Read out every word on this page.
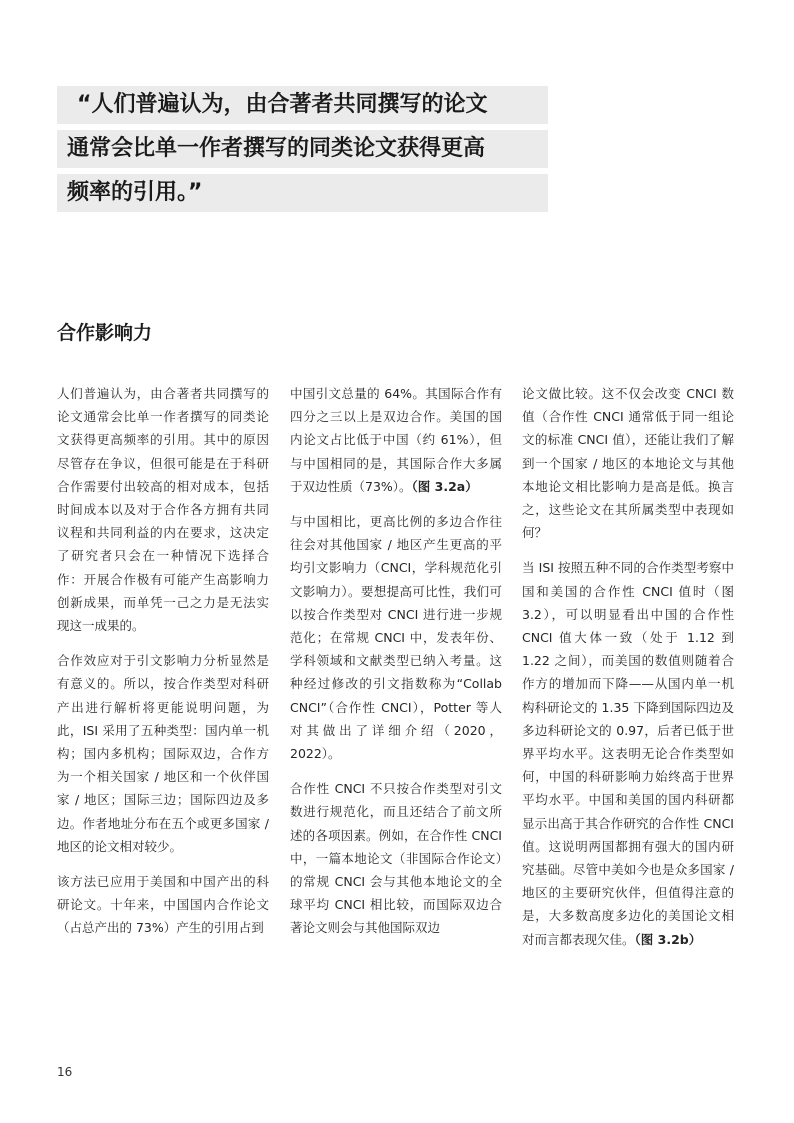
“人们普遍认为，由合著者共同撰写的论文
通常会比单一作者撰写的同类论文获得更高
频率的引用。”
合作影响力

人们普遍认为，由合著者共同撰写的论文通常会比单一作者撰写的同类论文获得更高频率的引用。其中的原因尽管存在争议，但很可能是在于科研合作需要付出较高的相对成本，包括时间成本以及对于合作各方拥有共同议程和共同利益的内在要求，这决定了研究者只会在一种情况下选择合作：开展合作极有可能产生高影响力创新成果，而单凭一己之力是无法实现这一成果的。

合作效应对于引文影响力分析显然是有意义的。所以，按合作类型对科研产出进行解析将更能说明问题，为此，ISI 采用了五种类型：国内单一机构；国内多机构；国际双边，合作方为一个相关国家 / 地区和一个伙伴国家 / 地区；国际三边；国际四边及多边。作者地址分布在五个或更多国家 / 地区的论文相对较少。

该方法已应用于美国和中国产出的科研论文。十年来，中国国内合作论文（占总产出的 73%）产生的引用占到

中国引文总量的 64%。其国际合作有四分之三以上是双边合作。美国的国内论文占比低于中国（约 61%），但与中国相同的是，其国际合作大多属于双边性质（73%）。（图 3.2a）

与中国相比，更高比例的多边合作往往会对其他国家 / 地区产生更高的平均引文影响力（CNCI，学科规范化引文影响力）。要想提高可比性，我们可以按合作类型对 CNCI 进行进一步规范化；在常规 CNCI 中，发表年份、学科领域和文献类型已纳入考量。这种经过修改的引文指数称为“Collab CNCI”（合作性 CNCI），Potter 等人对其做出了详细介绍（2020，2022）。

合作性 CNCI 不只按合作类型对引文数进行规范化，而且还结合了前文所述的各项因素。例如，在合作性 CNCI 中，一篇本地论文（非国际合作论文）的常规 CNCI 会与其他本地论文的全球平均 CNCI 相比较，而国际双边合著论文则会与其他国际双边

论文做比较。这不仅会改变 CNCI 数值（合作性 CNCI 通常低于同一组论文的标准 CNCI 值），还能让我们了解到一个国家 / 地区的本地论文与其他本地论文相比影响力是高是低。换言之，这些论文在其所属类型中表现如何？

当 ISI 按照五种不同的合作类型考察中国和美国的合作性 CNCI 值时（图 3.2），可以明显看出中国的合作性 CNCI 值大体一致（处于 1.12 到 1.22 之间），而美国的数值则随着合作方的增加而下降——从国内单一机构科研论文的 1.35 下降到国际四边及多边科研论文的 0.97，后者已低于世界平均水平。这表明无论合作类型如何，中国的科研影响力始终高于世界平均水平。中国和美国的国内科研都显示出高于其合作研究的合作性 CNCI 值。这说明两国都拥有强大的国内研究基础。尽管中美如今也是众多国家 / 地区的主要研究伙伴，但值得注意的是，大多数高度多边化的美国论文相对而言都表现欠佳。（图 3.2b）

16
